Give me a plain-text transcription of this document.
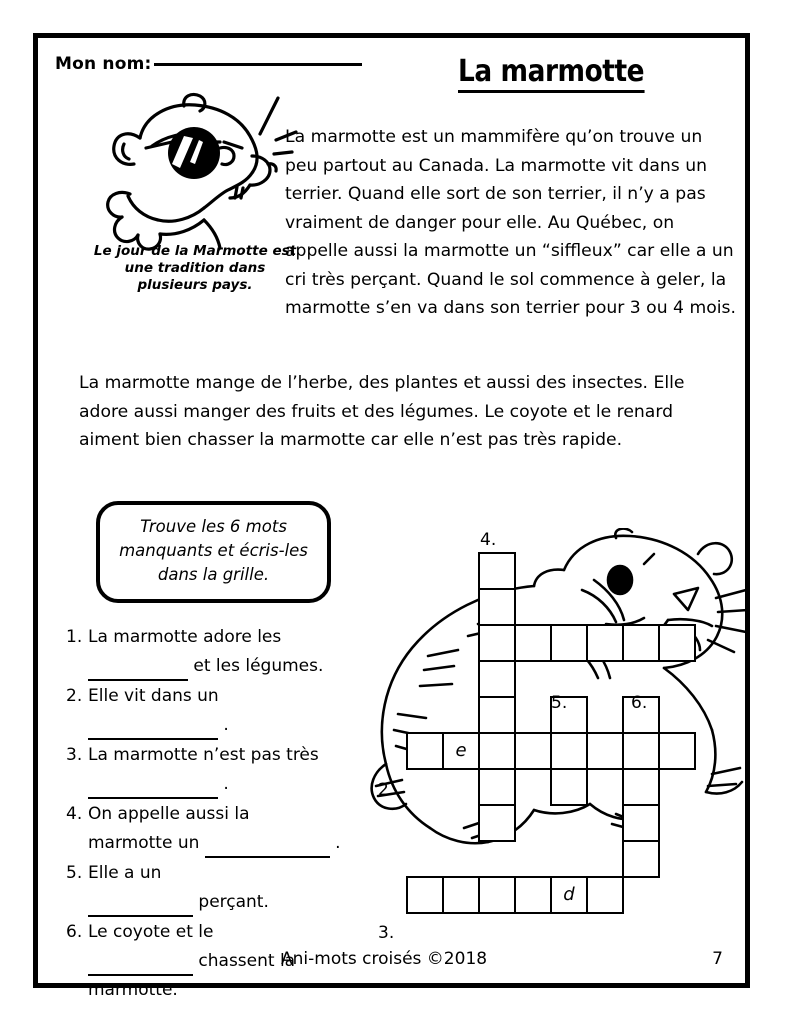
Mon nom:	La marmotte
Le jour de la Marmotte est une tradition dans plusieurs pays.
La marmotte est un mammifère qu’on trouve un peu partout au Canada. La marmotte vit dans un terrier. Quand elle sort de son terrier, il n’y a pas vraiment de danger pour elle. Au Québec, on appelle aussi la marmotte un “siffleux” car elle a un cri très perçant. Quand le sol commence à geler, la marmotte s’en va dans son terrier pour 3 ou 4 mois.
La marmotte mange de l’herbe, des plantes et aussi des insectes. Elle adore aussi manger des fruits et des légumes. Le coyote et le renard aiment bien chasser la marmotte car elle n’est pas très rapide.
Trouve les 6 mots
manquants et écris-les
dans la grille.
1. La marmotte adore les
et les légumes.
2. Elle vit dans un
.
3. La marmotte n’est pas très
.
4. On appelle aussi la
marmotte un	.
5. Elle a un
perçant.
6. Le coyote et le
chassent la marmotte.
e
d
4.
5.	6.
2.
3.
Ani-mots croisés ©2018	7
